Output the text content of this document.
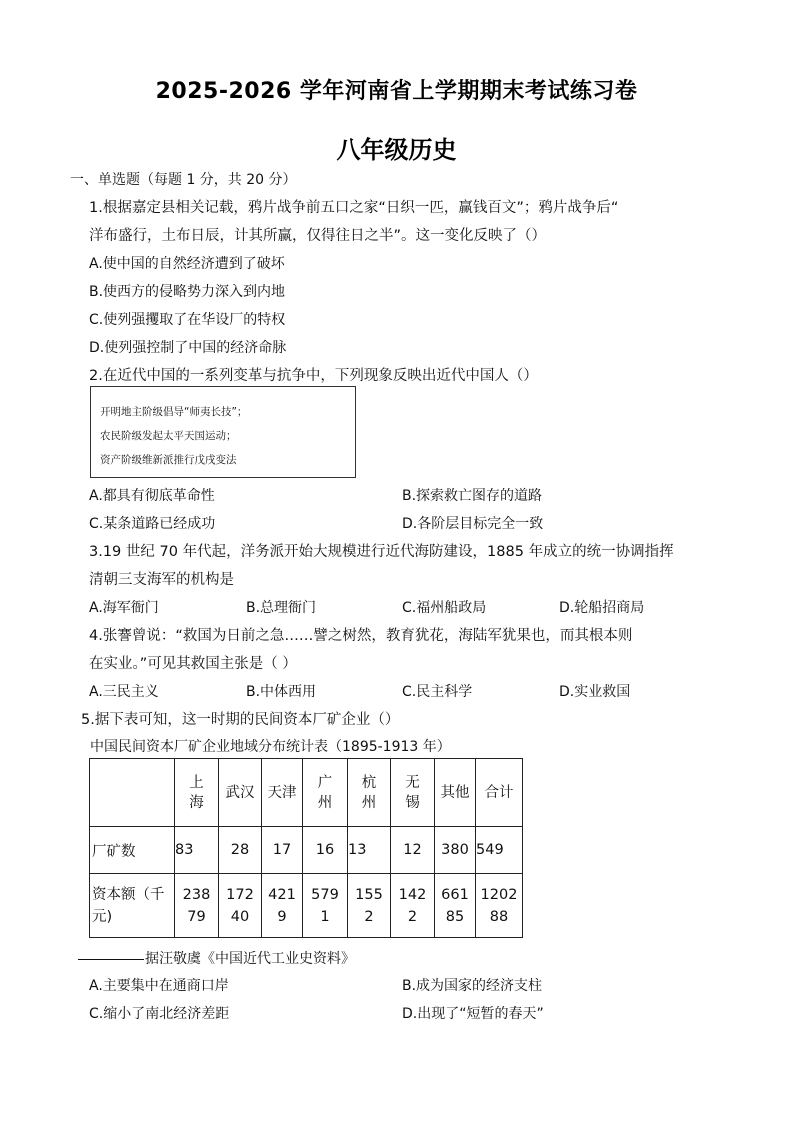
2025-2026 学年河南省上学期期末考试练习卷
八年级历史
一、单选题（每题 1 分，共 20 分）
1.根据嘉定县相关记载，鸦片战争前五口之家“日织一匹，赢钱百文”；鸦片战争后“
洋布盛行，土布日辰，计其所赢，仅得往日之半”。这一变化反映了（）
A.使中国的自然经济遭到了破坏
B.使西方的侵略势力深入到内地
C.使列强攫取了在华设厂的特权
D.使列强控制了中国的经济命脉
2.在近代中国的一系列变革与抗争中，下列现象反映出近代中国人（）
开明地主阶级倡导“师夷长技”；
农民阶级发起太平天国运动；
资产阶级维新派推行戊戌变法
A.都具有彻底革命性	B.探索救亡图存的道路
C.某条道路已经成功	D.各阶层目标完全一致
3.19 世纪 70 年代起，洋务派开始大规模进行近代海防建设，1885 年成立的统一协调指挥
清朝三支海军的机构是
A.海军衙门	B.总理衙门	C.福州船政局	D.轮船招商局
4.张謇曾说：“救国为日前之急……譬之树然，教育犹花，海陆军犹果也，而其根本则
在实业。”可见其救国主张是（ ）
A.三民主义	B.中体西用	C.民主科学	D.实业救国
5.据下表可知，这一时期的民间资本厂矿企业（）
中国民间资本厂矿企业地域分布统计表（1895-1913 年）

	上海	武汉	天津	广州	杭州	无锡	其他	合计
厂矿数	83	28	17	16	13	12	380	549

资本额（千元)	23879	17240	4219	5791	1552	1422	66185	120288
据汪敬虞《中国近代工业史资料》
A.主要集中在通商口岸	B.成为国家的经济支柱
C.缩小了南北经济差距	D.出现了“短暂的春天”
